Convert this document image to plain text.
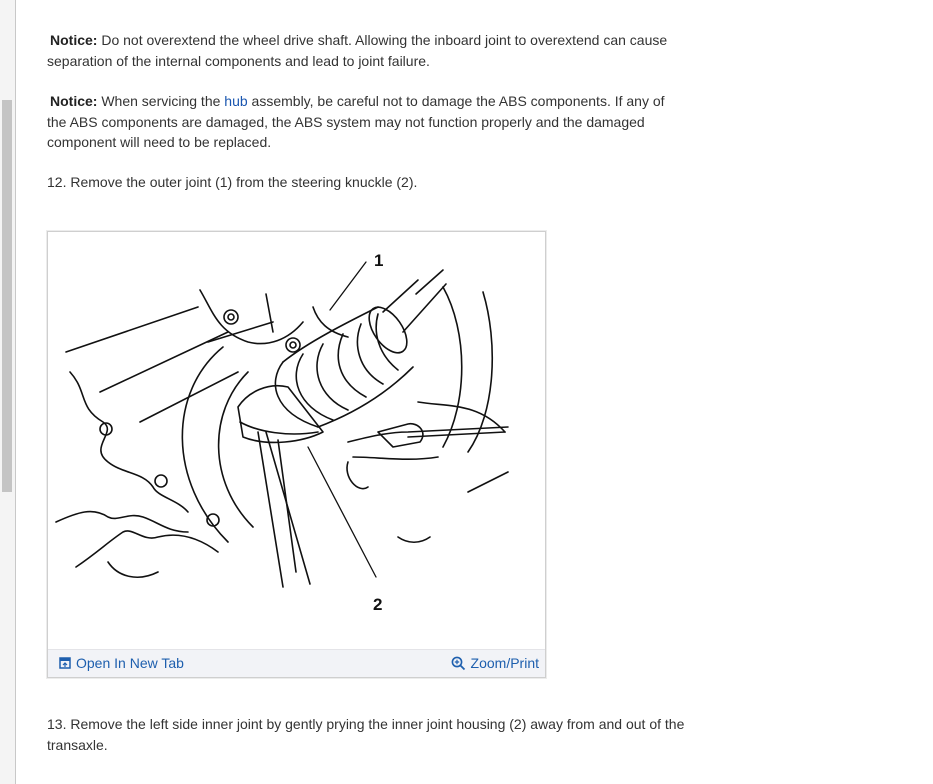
Notice: Do not overextend the wheel drive shaft. Allowing the inboard joint to overextend can cause separation of the internal components and lead to joint failure.

Notice: When servicing the hub assembly, be careful not to damage the ABS components. If any of the ABS components are damaged, the ABS system may not function properly and the damaged component will need to be replaced.

12. Remove the outer joint (1) from the steering knuckle (2).

13. Remove the left side inner joint by gently prying the inner joint housing (2) away from and out of the transaxle.

1
2
Open In New Tab	Zoom/Print
